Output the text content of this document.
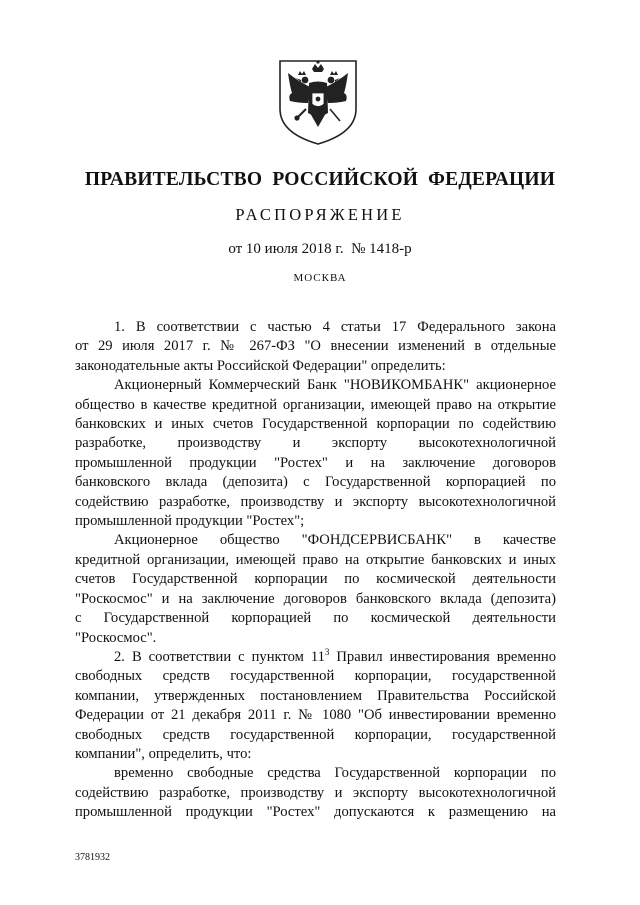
ПРАВИТЕЛЬСТВО РОССИЙСКОЙ ФЕДЕРАЦИИ
РАСПОРЯЖЕНИЕ
от 10 июля 2018 г.  № 1418-р
МОСКВА
1. В соответствии с частью 4 статьи 17 Федерального закона
от 29 июля 2017 г. № 267-ФЗ "О внесении изменений в отдельные
законодательные акты Российской Федерации" определить:
Акционерный Коммерческий Банк "НОВИКОМБАНК" акционерное
общество в качестве кредитной организации, имеющей право на открытие
банковских и иных счетов Государственной корпорации по содействию
разработке, производству и экспорту высокотехнологичной
промышленной продукции "Ростех" и на заключение договоров
банковского вклада (депозита) с Государственной корпорацией по
содействию разработке, производству и экспорту высокотехнологичной
промышленной продукции "Ростех";
Акционерное общество "ФОНДСЕРВИСБАНК" в качестве
кредитной организации, имеющей право на открытие банковских и иных
счетов Государственной корпорации по космической деятельности
"Роскосмос" и на заключение договоров банковского вклада (депозита)
с Государственной корпорацией по космической деятельности
"Роскосмос".
2. В соответствии с пунктом $11^3$ Правил инвестирования временно
свободных средств государственной корпорации, государственной
компании, утвержденных постановлением Правительства Российской
Федерации от 21 декабря 2011 г. № 1080 "Об инвестировании временно
свободных средств государственной корпорации, государственной
компании", определить, что:
временно свободные средства Государственной корпорации по
содействию разработке, производству и экспорту высокотехнологичной
промышленной продукции "Ростех" допускаются к размещению на
3781932
